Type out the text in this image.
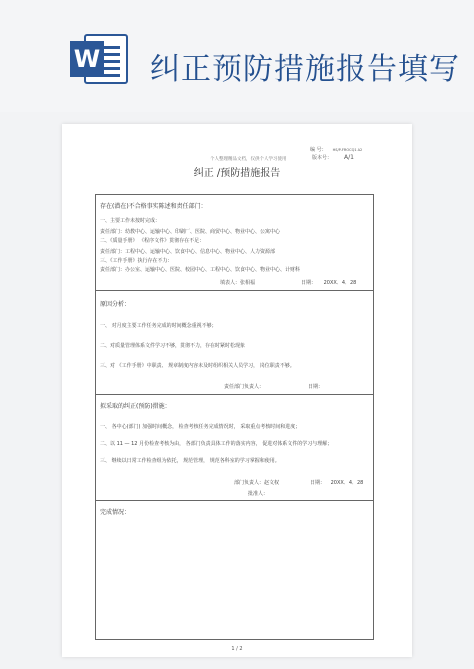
W 纠正预防措施报告填写
个人整理精品文档，仅供个人学习使用
编 号： HS/P-FROCQ1 A2
版本号： A/1
纠正 /预防措施报告
存在(潜在)不合格事实陈述和责任部门：
一、主要工作未按时完成：
责任部门：幼教中心、运输中心、印刷厂、医院、商贸中心、物业中心、公寓中心
二、《质量手册》 《程序文件》贯彻存在不足：
责任部门：工程中心、运输中心、饮食中心、信息中心、物业中心、人力资源部
三、《工作手册》执行存在不力：
责任部门：办公室、运输中心、医院、校园中心、工程中心、饮食中心、物业中心、计财科
填表人：张相福	日期： 20XX．4．28
原因分析：
一、 对月度主要工作任务完成的时间概念重视不够；
二、对质量管理体系文件学习不够，贯彻不力，存在时紧时松现象
三、对 《工作手册》中职责、 规章制度内容未及时组织相关人员学习， 岗位职责不够。
责任部门负责人：	日期：
拟采取的纠正(预防)措施：
一、 各中心(部门) 加强时间概念， 检查考核任务完成情况时， 采取重点考核时间和进度；
二、以 11 — 12 月份检查考核为由， 各部门负责具体工作的落实内容， 促进对体系文件的学习与理解；
三、 继续以日常工作检查组为依托， 规范管理， 规范各科室的学习掌握和使用。
部门负责人：赵文权	日期： 20XX．4．28
批准人：
完成情况：
1 / 2
